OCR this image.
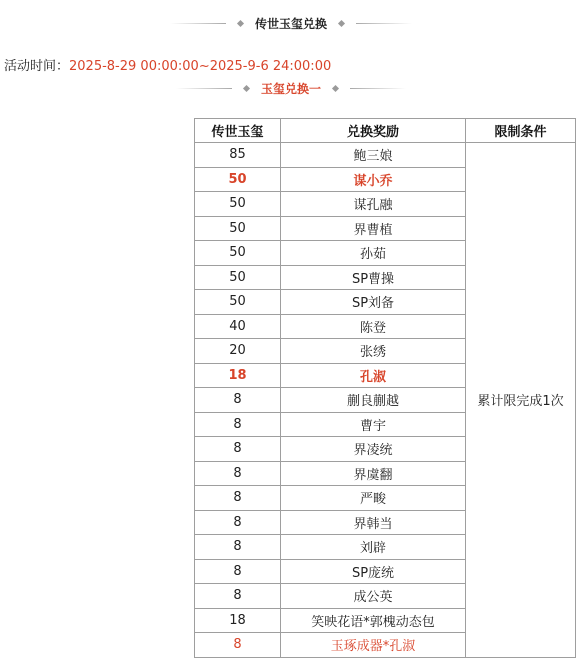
传世玉玺兑换
活动时间：2025-8-29 00:00:00~2025-9-6 24:00:00
玉玺兑换一
传世玉玺	兑换奖励	限制条件
85	鲍三娘	累计限完成1次
50	谋小乔	
50	谋孔融	
50	界曹植	
50	孙茹	
50	SP曹操	
50	SP刘备	
40	陈登	
20	张绣	
18	孔淑	
8	蒯良蒯越	
8	曹宇	
8	界凌统	
8	界虞翻	
8	严畯	
8	界韩当	
8	刘辟	
8	SP庞统	
8	成公英	
18	笑映花语*郭槐动态包	
8	玉琢成器*孔淑	
